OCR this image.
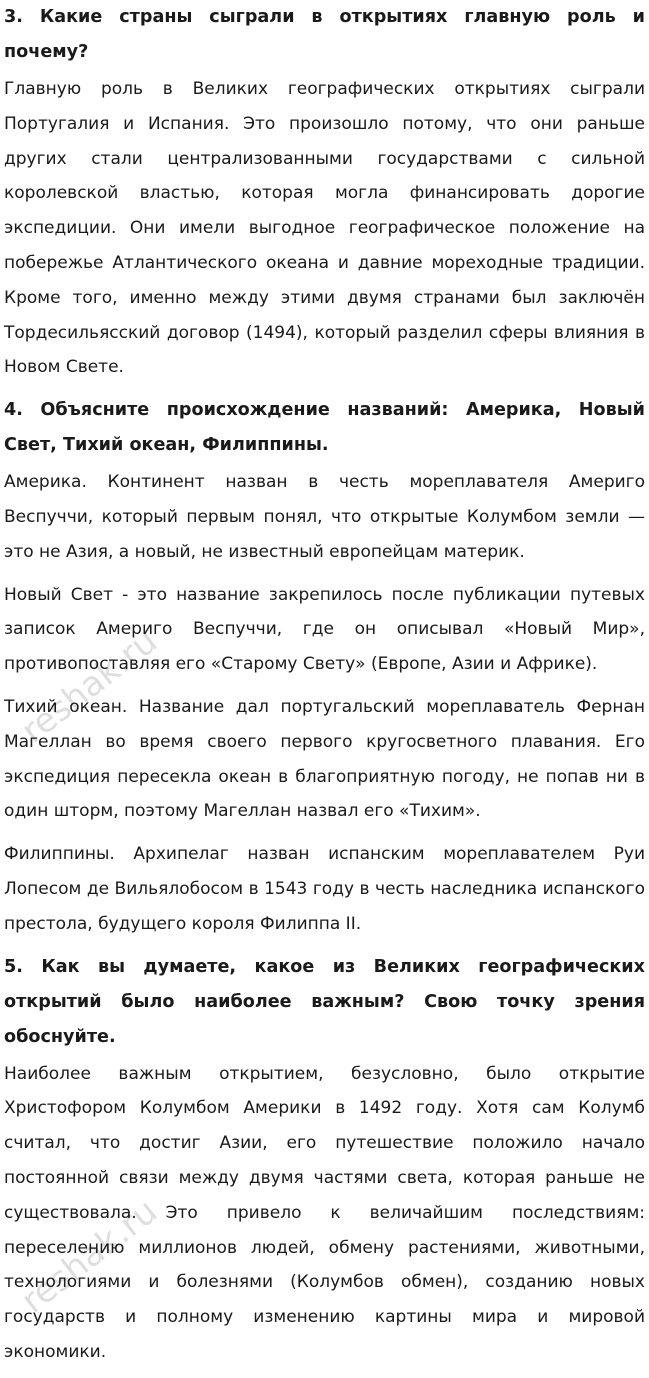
3. Какие страны сыграли в открытиях главную роль и почему?
Главную роль в Великих географических открытиях сыграли Португалия и Испания. Это произошло потому, что они раньше других стали централизованными государствами с сильной королевской властью, которая могла финансировать дорогие экспедиции. Они имели выгодное географическое положение на побережье Атлантического океана и давние мореходные традиции. Кроме того, именно между этими двумя странами был заключён Тордесильясский договор (1494), который разделил сферы влияния в Новом Свете.
4. Объясните происхождение названий: Америка, Новый Свет, Тихий океан, Филиппины.
Америка. Континент назван в честь мореплавателя Америго Веспуччи, который первым понял, что открытые Колумбом земли — это не Азия, а новый, не известный европейцам материк.
Новый Свет - это название закрепилось после публикации путевых записок Америго Веспуччи, где он описывал «Новый Мир», противопоставляя его «Старому Свету» (Европе, Азии и Африке).
Тихий океан. Название дал португальский мореплаватель Фернан Магеллан во время своего первого кругосветного плавания. Его экспедиция пересекла океан в благоприятную погоду, не попав ни в один шторм, поэтому Магеллан назвал его «Тихим».
Филиппины. Архипелаг назван испанским мореплавателем Руи Лопесом де Вильялобосом в 1543 году в честь наследника испанского престола, будущего короля Филиппа II.
5. Как вы думаете, какое из Великих географических открытий было наиболее важным? Свою точку зрения обоснуйте.
Наиболее важным открытием, безусловно, было открытие Христофором Колумбом Америки в 1492 году. Хотя сам Колумб считал, что достиг Азии, его путешествие положило начало постоянной связи между двумя частями света, которая раньше не существовала. Это привело к величайшим последствиям: переселению миллионов людей, обмену растениями, животными, технологиями и болезнями (Колумбов обмен), созданию новых государств и полному изменению картины мира и мировой экономики.
reshak.ru
reshak.ru
